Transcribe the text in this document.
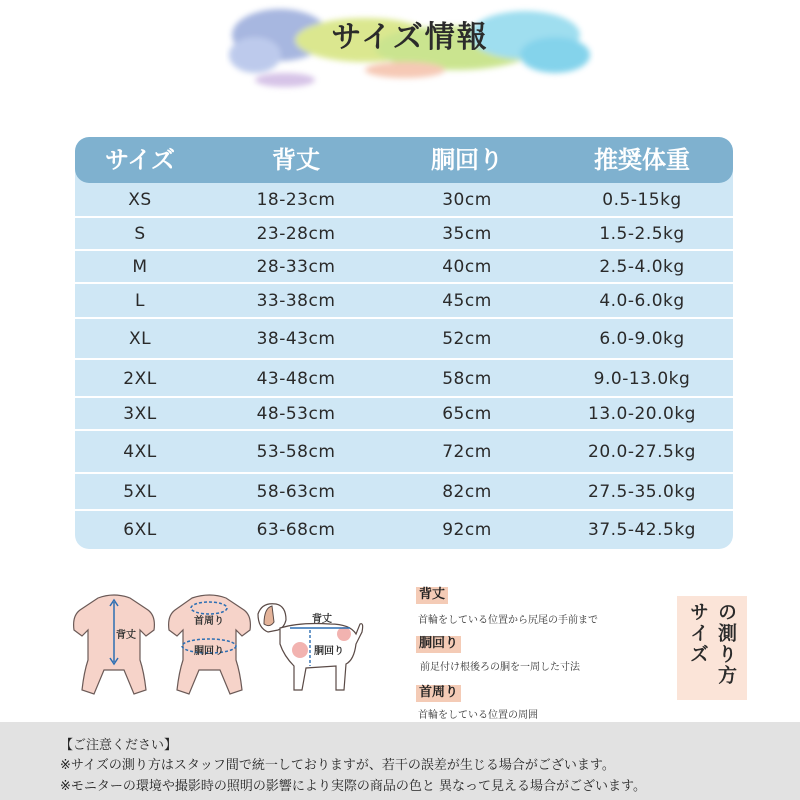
サイズ情報
サイズ	背丈	胴回り	推奨体重
XS	18-23cm	30cm	0.5-15kg
S	23-28cm	35cm	1.5-2.5kg
M	28-33cm	40cm	2.5-4.0kg
L	33-38cm	45cm	4.0-6.0kg
XL	38-43cm	52cm	6.0-9.0kg
2XL	43-48cm	58cm	9.0-13.0kg
3XL	48-53cm	65cm	13.0-20.0kg
4XL	53-58cm	72cm	20.0-27.5kg
5XL	58-63cm	82cm	27.5-35.0kg
6XL	63-68cm	92cm	37.5-42.5kg
背丈
首周り
胴回り
背丈
胴回り
背丈
首輪をしている位置から尻尾の手前まで
胴回り
前足付け根後ろの胴を一周した寸法
首周り
首輪をしている位置の周囲
サイズ の測り方
【ご注意ください】
※サイズの測り方はスタッフ間で統一しておりますが、若干の誤差が生じる場合がございます。
※モニターの環境や撮影時の照明の影響により実際の商品の色と 異なって見える場合がございます。
